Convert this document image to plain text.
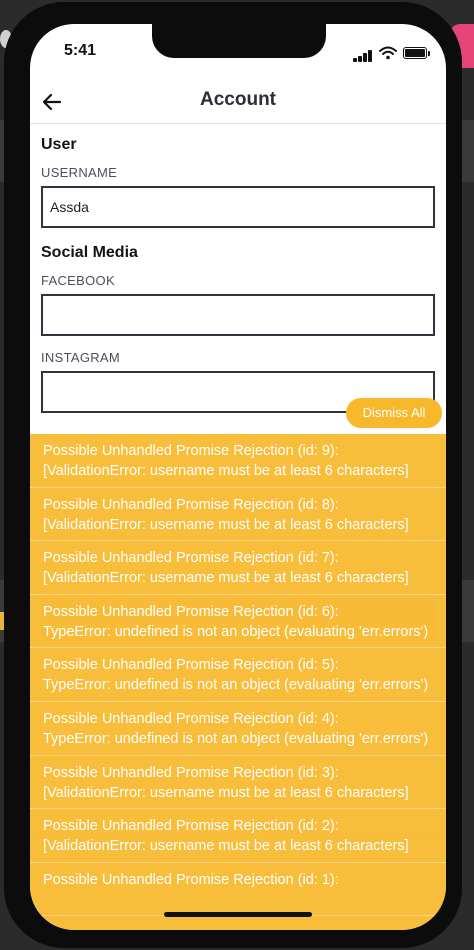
5:41
Account
User
USERNAME
Assda
Social Media
FACEBOOK
INSTAGRAM
Possible Unhandled Promise Rejection (id: 9):
[ValidationError: username must be at least 6 characters]
Possible Unhandled Promise Rejection (id: 8):
[ValidationError: username must be at least 6 characters]
Possible Unhandled Promise Rejection (id: 7):
[ValidationError: username must be at least 6 characters]
Possible Unhandled Promise Rejection (id: 6):
TypeError: undefined is not an object (evaluating 'err.errors')
Possible Unhandled Promise Rejection (id: 5):
TypeError: undefined is not an object (evaluating 'err.errors')
Possible Unhandled Promise Rejection (id: 4):
TypeError: undefined is not an object (evaluating 'err.errors')
Possible Unhandled Promise Rejection (id: 3):
[ValidationError: username must be at least 6 characters]
Possible Unhandled Promise Rejection (id: 2):
[ValidationError: username must be at least 6 characters]
Possible Unhandled Promise Rejection (id: 1):
Dismiss All
